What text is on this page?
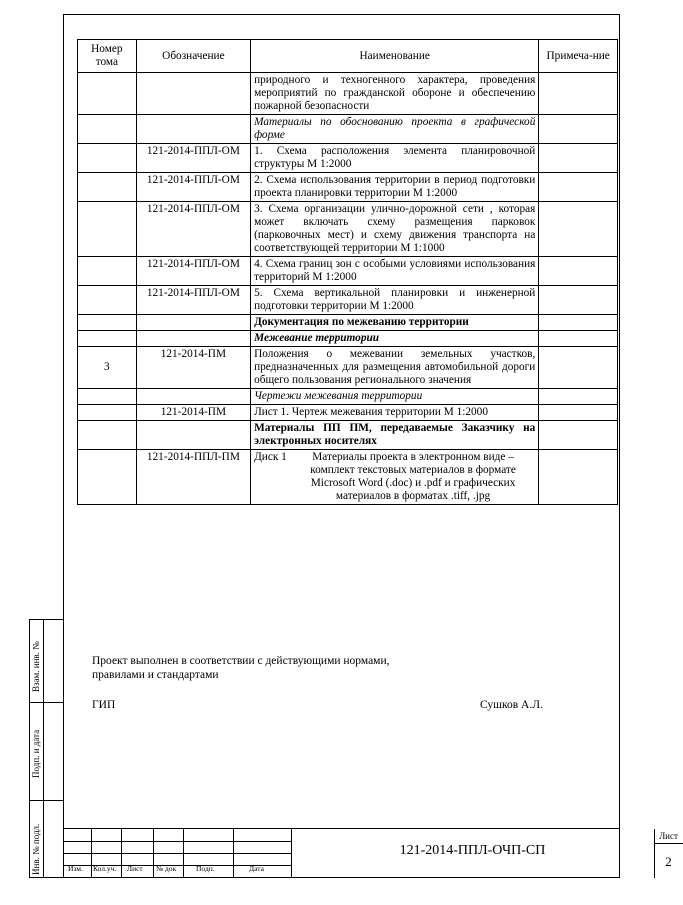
Взам. инв. №
Подп. и дата
Инв. № подл.
Номер тома	Обозначение	Наименование	Примеча-ние
		природного и техногенного характера, проведения мероприятий по гражданской обороне и обеспечению пожарной безопасности	
		Материалы по обоснованию проекта в графической форме	
	121-2014-ППЛ-ОМ	1. Схема расположения элемента планировочной структуры М 1:2000	
	121-2014-ППЛ-ОМ	2. Схема использования территории в период подготовки проекта планировки территории М 1:2000	
	121-2014-ППЛ-ОМ	3. Схема организации улично-дорожной сети , которая может включать схему размещения парковок (парковочных мест) и схему движения транспорта на соответствующей территории М 1:1000	
	121-2014-ППЛ-ОМ	4. Схема границ зон с особыми условиями использования территорий М 1:2000	
	121-2014-ППЛ-ОМ	5. Схема вертикальной планировки и инженерной подготовки территории М 1:2000	
		Документация по межеванию территории	
		Межевание территории	
3	121-2014-ПМ	Положения о межевании земельных участков, предназначенных для размещения автомобильной дороги общего пользования регионального значения	
		Чертежи межевания территории	
	121-2014-ПМ	Лист 1. Чертеж межевания территории М 1:2000	
		Материалы ПП ПМ, передаваемые Заказчику на электронных носителях	
	121-2014-ППЛ-ПМ	Диск 1 Материалы проекта в электронном виде – комплект текстовых материалов в формате Microsoft Word (.doc) и .pdf и графических материалов в форматах .tiff, .jpg	

Проект выполнен в соответствии с действующими нормами,
правилами и стандартами
ГИП	Сушков А.Л.
Изм. Кол.уч. Лист № док	Подп.	Дата
121-2014-ППЛ-ОЧП-СП
Лист
2
